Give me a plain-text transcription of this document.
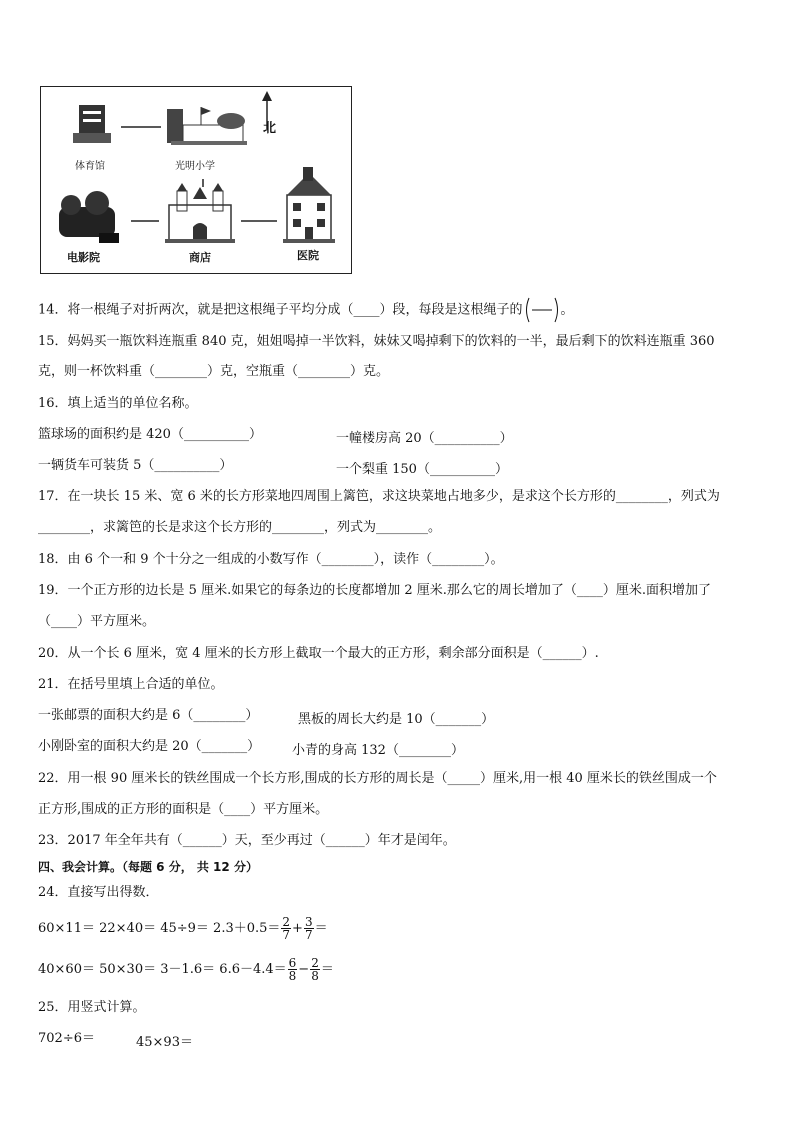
北
体育馆	光明小学
电影院	商店	医院
14．将一根绳子对折两次，就是把这根绳子平均分成（____）段，每段是这根绳子的	。
15．妈妈买一瓶饮料连瓶重 840 克，姐姐喝掉一半饮料，妹妹又喝掉剩下的饮料的一半，最后剩下的饮料连瓶重 360
克，则一杯饮料重（________）克，空瓶重（________）克。
16．填上适当的单位名称。
篮球场的面积约是 420（__________）	一幢楼房高 20（__________）
一辆货车可装货 5（__________）	一个梨重 150（__________）
17．在一块长 15 米、宽 6 米的长方形菜地四周围上篱笆，求这块菜地占地多少，是求这个长方形的________，列式为
________，求篱笆的长是求这个长方形的________，列式为________。
18．由 6 个一和 9 个十分之一组成的小数写作（________），读作（________）。
19．一个正方形的边长是 5 厘米.如果它的每条边的长度都增加 2 厘米.那么它的周长增加了（____）厘米.面积增加了
（____）平方厘米。
20．从一个长 6 厘米，宽 4 厘米的长方形上截取一个最大的正方形，剩余部分面积是（______）.
21．在括号里填上合适的单位。
一张邮票的面积大约是 6（________）	黑板的周长大约是 10（_______）
小刚卧室的面积大约是 20（_______） 小青的身高 132（________）
22．用一根 90 厘米长的铁丝围成一个长方形,围成的长方形的周长是（_____）厘米,用一根 40 厘米长的铁丝围成一个
正方形,围成的正方形的面积是（____）平方厘米。
23．2017 年全年共有（______）天，至少再过（______）年才是闰年。
四、我会计算。（每题 6 分， 共 12 分）
24．直接写出得数．
$60\times 11= 22\times 40= 45\div 9= 2.3+0.5= \frac{2}{7} + \frac{3}{7}$ ＝
$40\times 60= 50\times 30= 3-1.6= 6.6-4.4= \frac{6}{8} - \frac{2}{8}$ ＝
25．用竖式计算。
702÷6＝	45×93＝
